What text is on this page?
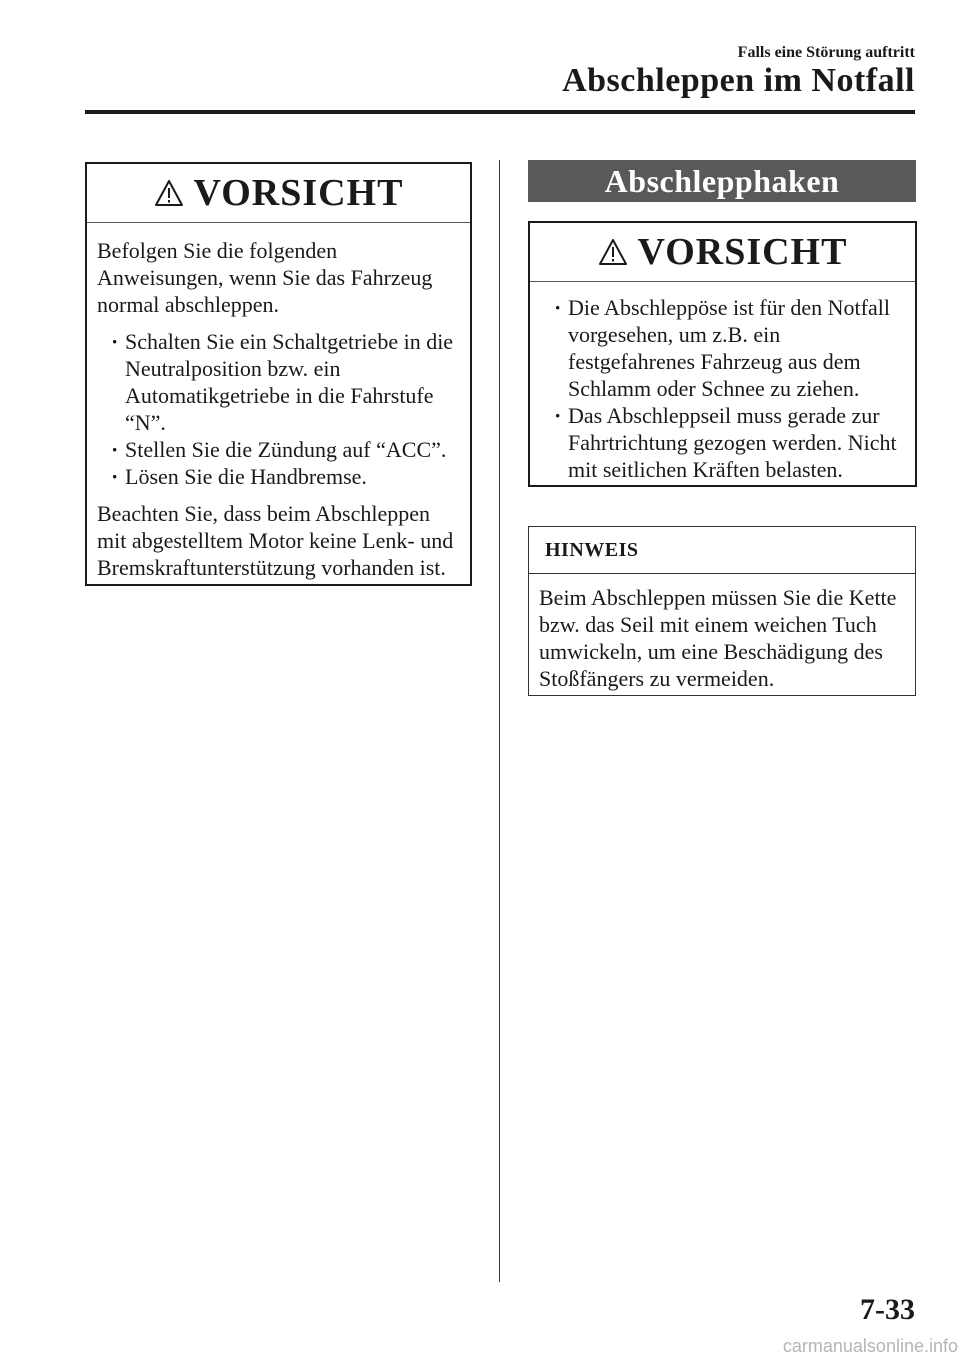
Falls eine Störung auftritt
Abschleppen im Notfall
VORSICHT

Befolgen Sie die folgenden Anweisungen, wenn Sie das Fahrzeug normal abschleppen.

· Schalten Sie ein Schaltgetriebe in die Neutralposition bzw. ein Automatikgetriebe in die Fahrstufe “N”.
· Stellen Sie die Zündung auf “ACC”.
· Lösen Sie die Handbremse.

Beachten Sie, dass beim Abschleppen mit abgestelltem Motor keine Lenk- und Bremskraftunterstützung vorhanden ist.

Abschlepphaken
VORSICHT
· Die Abschleppöse ist für den Notfall vorgesehen, um z.B. ein festgefahrenes Fahrzeug aus dem Schlamm oder Schnee zu ziehen.
· Das Abschleppseil muss gerade zur Fahrtrichtung gezogen werden. Nicht mit seitlichen Kräften belasten.
HINWEIS
Beim Abschleppen müssen Sie die Kette bzw. das Seil mit einem weichen Tuch umwickeln, um eine Beschädigung des Stoßfängers zu vermeiden.
7-33
carmanualsonline.info
